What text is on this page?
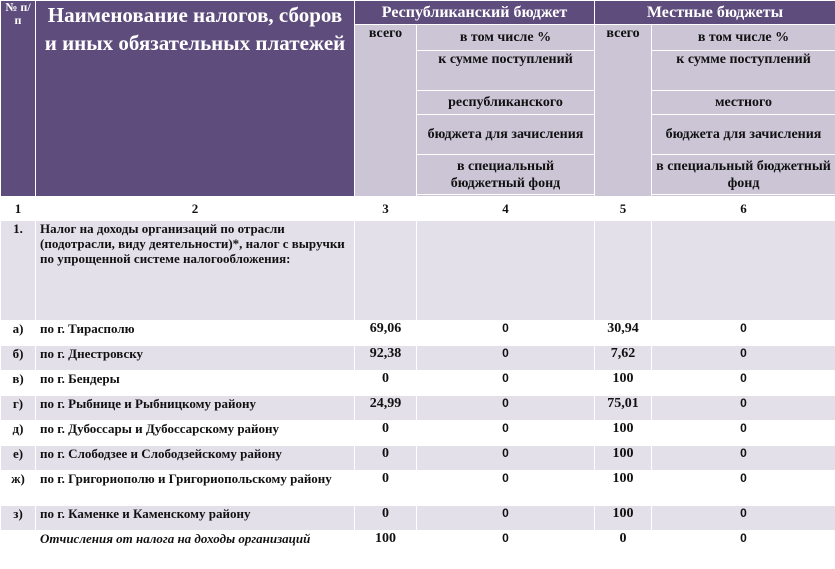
№ п/п	Наименование налогов, сборов и иных обязательных платежей	Республиканский бюджет		Местные бюджеты	
		всего	в том числе %	всего	в том числе %
			к сумме поступлений		к сумме поступлений
			республиканского		местного
			бюджета для зачисления		бюджета для зачисления
			в специальный бюджетный фонд		в специальный бюджетный фонд

1	2	3	4	5	6
1.	Налог на доходы организаций по отрасли (подотрасли, виду деятельности)*, налог с выручки по упрощенной системе налогообложения:				
а)	по г. Тирасполю	69,06	0	30,94	0
б)	по г. Днестровску	92,38	0	7,62	0
в)	по г. Бендеры	0	0	100	0
г)	по г. Рыбнице и Рыбницкому району	24,99	0	75,01	0
д)	по г. Дубоссары и Дубоссарскому району	0	0	100	0
е)	по г. Слободзее и Слободзейскому району	0	0	100	0
ж)	по г. Григориополю и Григориопольскому району	0	0	100	0
з)	по г. Каменке и Каменскому району	0	0	100	0
	Отчисления от налога на доходы организаций	100	0	0	0
